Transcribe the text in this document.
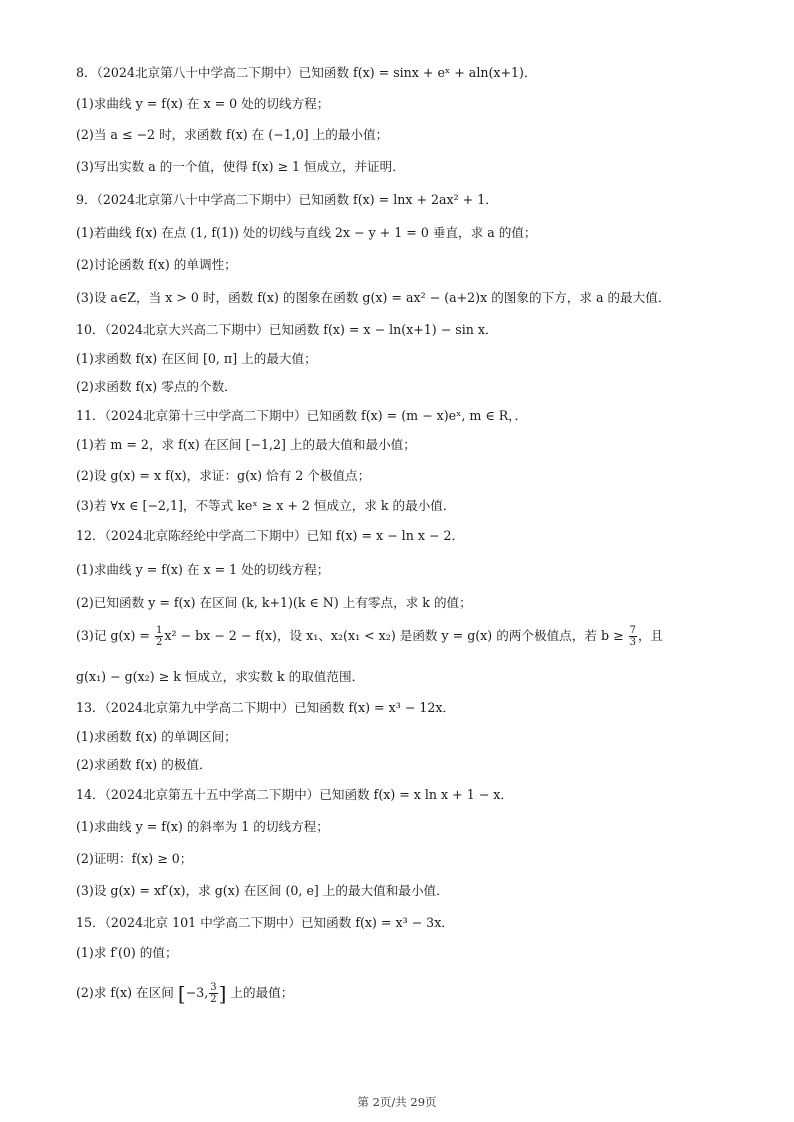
8．（2024北京第八十中学高二下期中）已知函数 f(x) = sinx + eˣ + aln(x+1)．
(1)求曲线 y = f(x) 在 x = 0 处的切线方程；
(2)当 a ≤ −2 时，求函数 f(x) 在 (−1,0] 上的最小值；
(3)写出实数 a 的一个值，使得 f(x) ≥ 1 恒成立，并证明．
9．（2024北京第八十中学高二下期中）已知函数 f(x) = lnx + 2ax² + 1．
(1)若曲线 f(x) 在点 (1, f(1)) 处的切线与直线 2x − y + 1 = 0 垂直，求 a 的值；
(2)讨论函数 f(x) 的单调性；
(3)设 a∈Z，当 x > 0 时，函数 f(x) 的图象在函数 g(x) = ax² − (a+2)x 的图象的下方，求 a 的最大值．
10．（2024北京大兴高二下期中）已知函数 f(x) = x − ln(x+1) − sin x．
(1)求函数 f(x) 在区间 [0, π] 上的最大值；
(2)求函数 f(x) 零点的个数．
11．（2024北京第十三中学高二下期中）已知函数 f(x) = (m − x)eˣ, m ∈ R，．
(1)若 m = 2，求 f(x) 在区间 [−1,2] 上的最大值和最小值；
(2)设 g(x) = x f(x)，求证：g(x) 恰有 2 个极值点；
(3)若 ∀x ∈ [−2,1]，不等式 keˣ ≥ x + 2 恒成立，求 k 的最小值．
12．（2024北京陈经纶中学高二下期中）已知 f(x) = x − ln x − 2．
(1)求曲线 y = f(x) 在 x = 1 处的切线方程；
(2)已知函数 y = f(x) 在区间 (k, k+1)(k ∈ N) 上有零点，求 k 的值；
(3)记 $g(x) = \frac{1}{2} x^2$ − bx − 2 − f(x)，设 x₁、x₂(x₁ < x₂) 是函数 y = g(x) 的两个极值点，若 $b \ge \frac{7}{3}$ ，且
g(x₁) − g(x₂) ≥ k 恒成立，求实数 k 的取值范围．
13．（2024北京第九中学高二下期中）已知函数 f(x) = x³ − 12x．
(1)求函数 f(x) 的单调区间；
(2)求函数 f(x) 的极值．
14．（2024北京第五十五中学高二下期中）已知函数 f(x) = x ln x + 1 − x．
(1)求曲线 y = f(x) 的斜率为 1 的切线方程；
(2)证明：f(x) ≥ 0；
(3)设 g(x) = xf′(x)，求 g(x) 在区间 (0, e] 上的最大值和最小值．
15．（2024北京 101 中学高二下期中）已知函数 f(x) = x³ − 3x．
(1)求 f′(0) 的值；
(2)求 f(x) 在区间 [−3, $\frac{3}{2}$ ] 上的最值；
第 2页/共 29页
